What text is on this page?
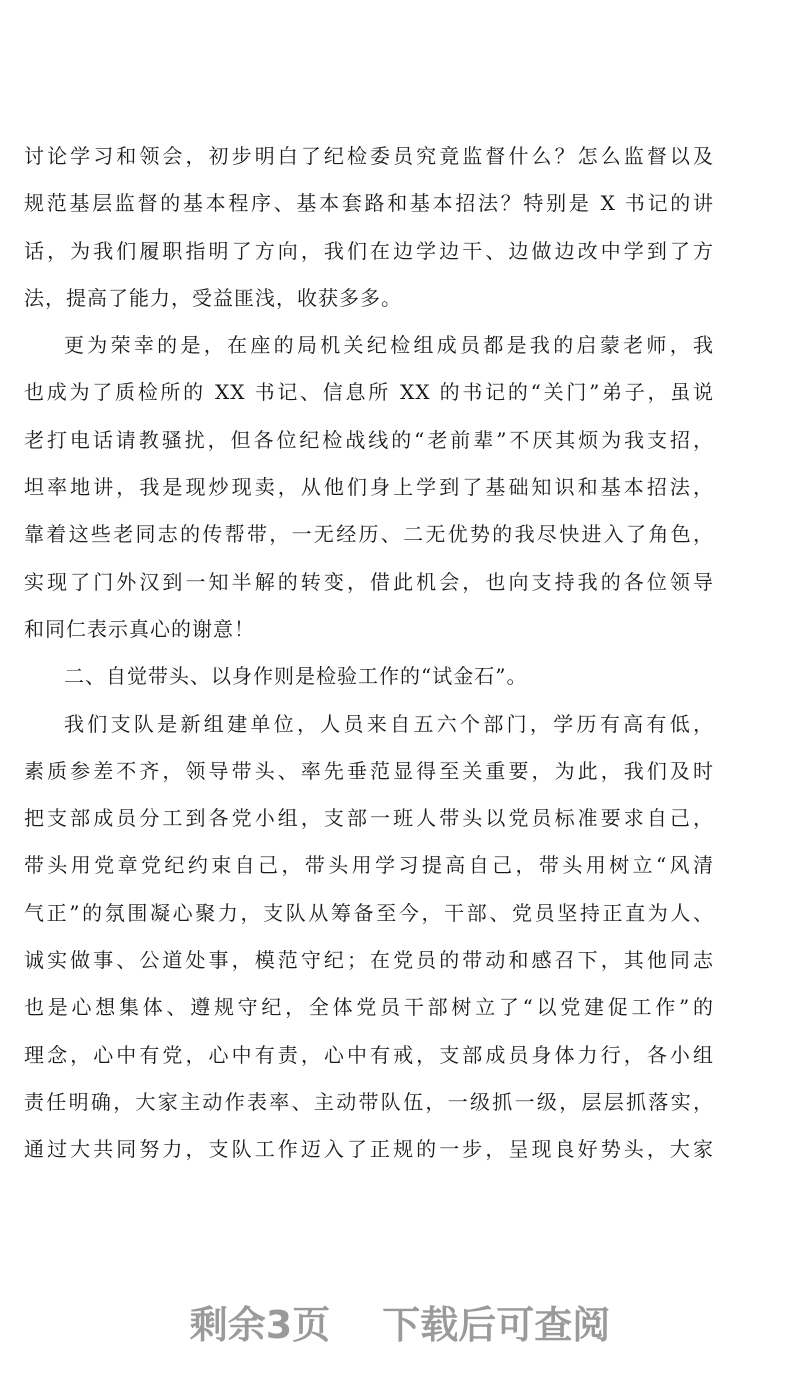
讨论学习和领会，初步明白了纪检委员究竟监督什么？怎么监督以及
规范基层监督的基本程序、基本套路和基本招法？特别是 X 书记的讲
话，为我们履职指明了方向，我们在边学边干、边做边改中学到了方
法，提高了能力，受益匪浅，收获多多。
更为荣幸的是，在座的局机关纪检组成员都是我的启蒙老师，我
也成为了质检所的 XX 书记、信息所 XX 的书记的“关门”弟子，虽说
老打电话请教骚扰，但各位纪检战线的“老前辈”不厌其烦为我支招，
坦率地讲，我是现炒现卖，从他们身上学到了基础知识和基本招法，
靠着这些老同志的传帮带，一无经历、二无优势的我尽快进入了角色，
实现了门外汉到一知半解的转变，借此机会，也向支持我的各位领导
和同仁表示真心的谢意！
二、自觉带头、以身作则是检验工作的“试金石”。
我们支队是新组建单位，人员来自五六个部门，学历有高有低，
素质参差不齐，领导带头、率先垂范显得至关重要，为此，我们及时
把支部成员分工到各党小组，支部一班人带头以党员标准要求自己，
带头用党章党纪约束自己，带头用学习提高自己，带头用树立“风清
气正”的氛围凝心聚力，支队从筹备至今，干部、党员坚持正直为人、
诚实做事、公道处事，模范守纪；在党员的带动和感召下，其他同志
也是心想集体、遵规守纪，全体党员干部树立了“以党建促工作”的
理念，心中有党，心中有责，心中有戒，支部成员身体力行，各小组
责任明确，大家主动作表率、主动带队伍，一级抓一级，层层抓落实，
通过大共同努力，支队工作迈入了正规的一步，呈现良好势头，大家
剩余3页 下载后可查阅
